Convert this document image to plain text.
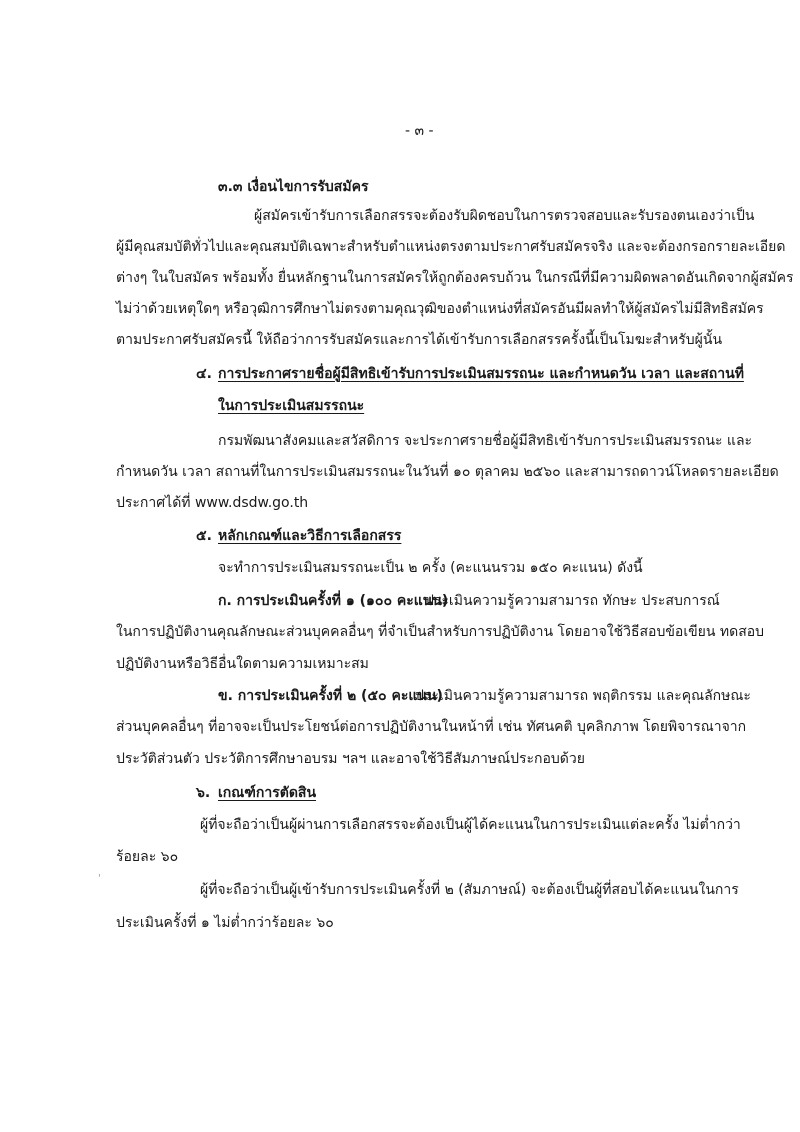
- ๓ -
๓.๓ เงื่อนไขการรับสมัคร
ผู้สมัครเข้ารับการเลือกสรรจะต้องรับผิดชอบในการตรวจสอบและรับรองตนเองว่าเป็น
ผู้มีคุณสมบัติทั่วไปและคุณสมบัติเฉพาะสำหรับตำแหน่งตรงตามประกาศรับสมัครจริง และจะต้องกรอกรายละเอียด
ต่างๆ ในใบสมัคร พร้อมทั้ง ยื่นหลักฐานในการสมัครให้ถูกต้องครบถ้วน ในกรณีที่มีความผิดพลาดอันเกิดจากผู้สมัคร
ไม่ว่าด้วยเหตุใดๆ หรือวุฒิการศึกษาไม่ตรงตามคุณวุฒิของตำแหน่งที่สมัครอันมีผลทำให้ผู้สมัครไม่มีสิทธิสมัคร
ตามประกาศรับสมัครนี้ ให้ถือว่าการรับสมัครและการได้เข้ารับการเลือกสรรครั้งนี้เป็นโมฆะสำหรับผู้นั้น
๔. การประกาศรายชื่อผู้มีสิทธิเข้ารับการประเมินสมรรถนะ และกำหนดวัน เวลา และสถานที่
ในการประเมินสมรรถนะ
กรมพัฒนาสังคมและสวัสดิการ จะประกาศรายชื่อผู้มีสิทธิเข้ารับการประเมินสมรรถนะ และ
กำหนดวัน เวลา สถานที่ในการประเมินสมรรถนะในวันที่ ๑๐ ตุลาคม ๒๕๖๐ และสามารถดาวน์โหลดรายละเอียด
ประกาศได้ที่ www.dsdw.go.th
๕. หลักเกณฑ์และวิธีการเลือกสรร
จะทำการประเมินสมรรถนะเป็น ๒ ครั้ง (คะแนนรวม ๑๕๐ คะแนน) ดังนี้
ก. การประเมินครั้งที่ ๑ (๑๐๐ คะแนน)
ประเมินความรู้ความสามารถ ทักษะ ประสบการณ์
ในการปฏิบัติงานคุณลักษณะส่วนบุคคลอื่นๆ ที่จำเป็นสำหรับการปฏิบัติงาน โดยอาจใช้วิธีสอบข้อเขียน ทดสอบ
ปฏิบัติงานหรือวิธีอื่นใดตามความเหมาะสม
ข. การประเมินครั้งที่ ๒ (๕๐ คะแนน)
ประเมินความรู้ความสามารถ พฤติกรรม และคุณลักษณะ
ส่วนบุคคลอื่นๆ ที่อาจจะเป็นประโยชน์ต่อการปฏิบัติงานในหน้าที่ เช่น ทัศนคติ บุคลิกภาพ โดยพิจารณาจาก
ประวัติส่วนตัว ประวัติการศึกษาอบรม ฯลฯ และอาจใช้วิธีสัมภาษณ์ประกอบด้วย
๖. เกณฑ์การตัดสิน
ผู้ที่จะถือว่าเป็นผู้ผ่านการเลือกสรรจะต้องเป็นผู้ได้คะแนนในการประเมินแต่ละครั้ง ไม่ต่ำกว่า
ร้อยละ ๖๐
ผู้ที่จะถือว่าเป็นผู้เข้ารับการประเมินครั้งที่ ๒ (สัมภาษณ์) จะต้องเป็นผู้ที่สอบได้คะแนนในการ
ประเมินครั้งที่ ๑ ไม่ต่ำกว่าร้อยละ ๖๐
'
